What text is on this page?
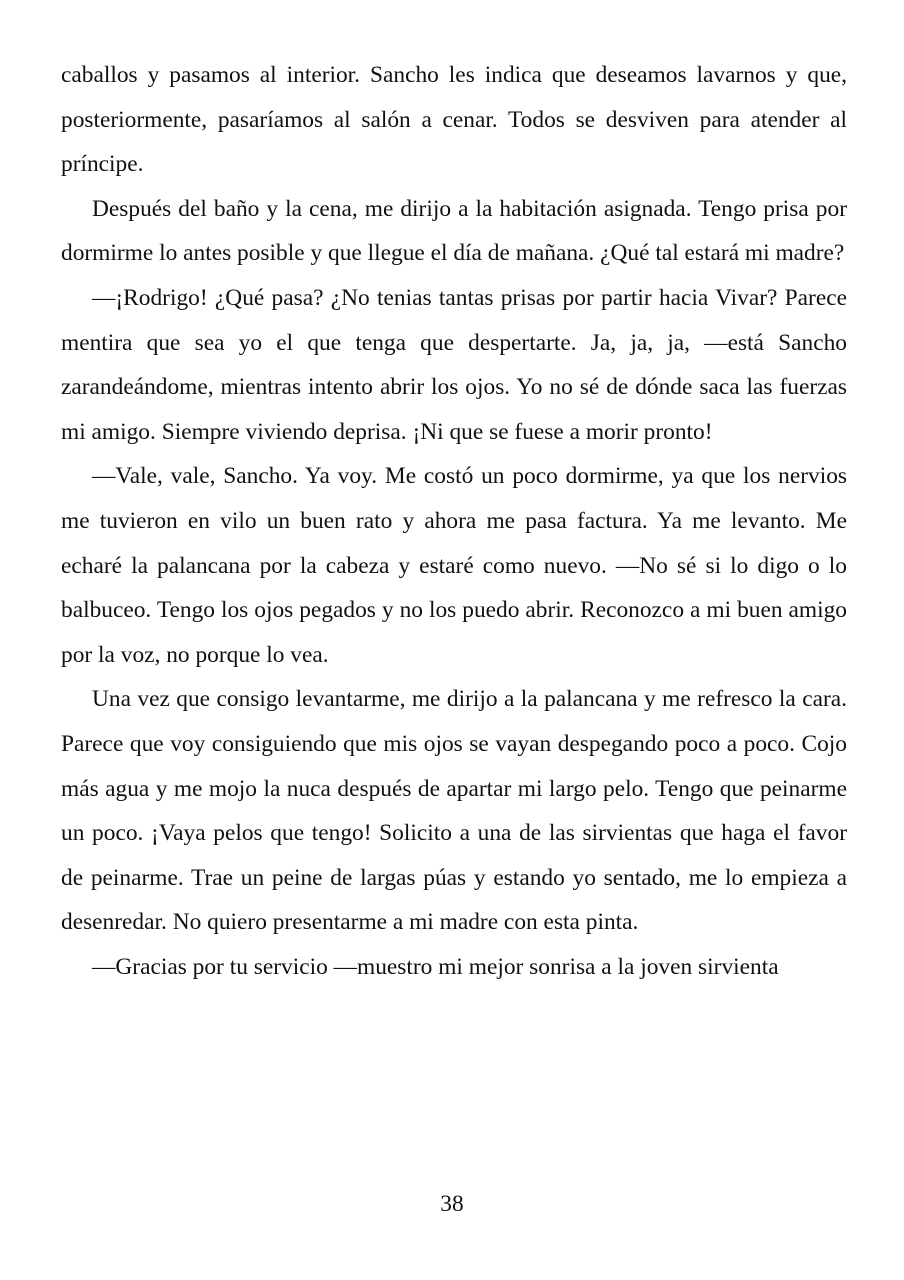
caballos y pasamos al interior. Sancho les indica que deseamos lavarnos y que, posteriormente, pasaríamos al salón a cenar. Todos se desviven para atender al príncipe.

Después del baño y la cena, me dirijo a la habitación asignada. Tengo prisa por dormirme lo antes posible y que llegue el día de mañana. ¿Qué tal estará mi madre?

—¡Rodrigo! ¿Qué pasa? ¿No tenias tantas prisas por partir hacia Vivar? Parece mentira que sea yo el que tenga que despertarte. Ja, ja, ja, —está Sancho zarandeándome, mientras intento abrir los ojos. Yo no sé de dónde saca las fuerzas mi amigo. Siempre viviendo deprisa. ¡Ni que se fuese a morir pronto!

—Vale, vale, Sancho. Ya voy. Me costó un poco dormirme, ya que los nervios me tuvieron en vilo un buen rato y ahora me pasa factura. Ya me levanto. Me echaré la palancana por la cabeza y estaré como nuevo. —No sé si lo digo o lo balbuceo. Tengo los ojos pegados y no los puedo abrir. Reconozco a mi buen amigo por la voz, no porque lo vea.

Una vez que consigo levantarme, me dirijo a la palancana y me refresco la cara. Parece que voy consiguiendo que mis ojos se vayan despegando poco a poco. Cojo más agua y me mojo la nuca después de apartar mi largo pelo. Tengo que peinarme un poco. ¡Vaya pelos que tengo! Solicito a una de las sirvientas que haga el favor de peinarme. Trae un peine de largas púas y estando yo sentado, me lo empieza a desenredar. No quiero presentarme a mi madre con esta pinta.

—Gracias por tu servicio —muestro mi mejor sonrisa a la joven sirvienta

38
